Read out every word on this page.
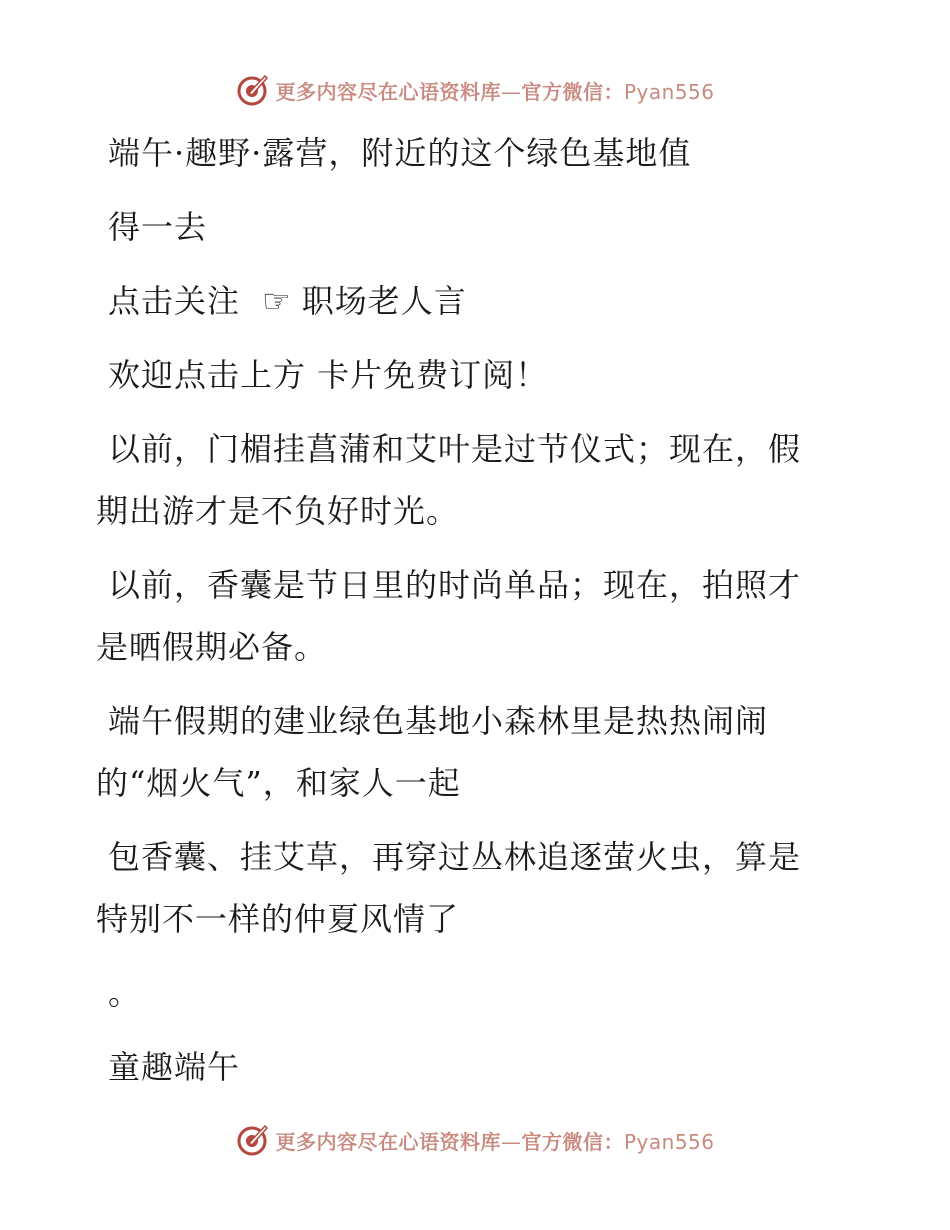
更多内容尽在心语资料库—官方微信：Pyan556

端午·趣野·露营，附近的这个绿色基地值

得一去

点击关注 ☞ 职场老人言

欢迎点击上方 卡片免费订阅！

以前，门楣挂菖蒲和艾叶是过节仪式；现在，假
期出游才是不负好时光。

以前，香囊是节日里的时尚单品；现在，拍照才
是晒假期必备。

端午假期的建业绿色基地小森林里是热热闹闹
的“烟火气”，和家人一起

包香囊、挂艾草，再穿过丛林追逐萤火虫，算是
特别不一样的仲夏风情了

。

童趣端午

更多内容尽在心语资料库—官方微信：Pyan556
